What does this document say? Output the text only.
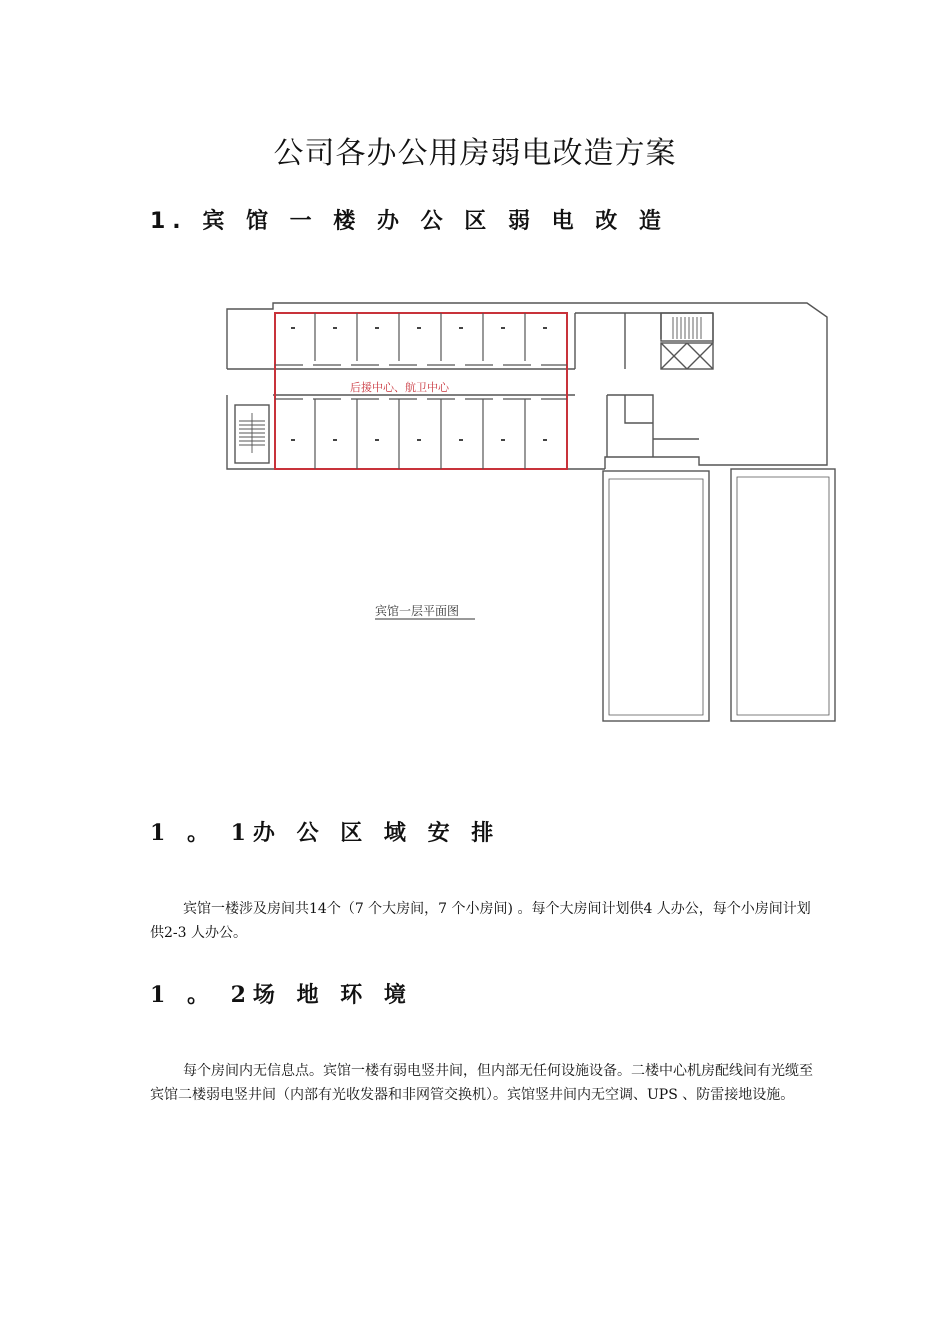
公司各办公用房弱电改造方案
1. 宾 馆 一 楼 办 公 区 弱 电 改 造
后援中心、航卫中心
宾馆一层平面图
1 。 1办 公 区 域 安 排
宾馆一楼涉及房间共14个（7 个大房间，7 个小房间) 。每个大房间计划供4 人办公，每个小房间计划供2-3 人办公。
1 。 2场 地 环 境
每个房间内无信息点。宾馆一楼有弱电竖井间，但内部无任何设施设备。二楼中心机房配线间有光缆至宾馆二楼弱电竖井间（内部有光收发器和非网管交换机）。宾馆竖井间内无空调、UPS 、防雷接地设施。
